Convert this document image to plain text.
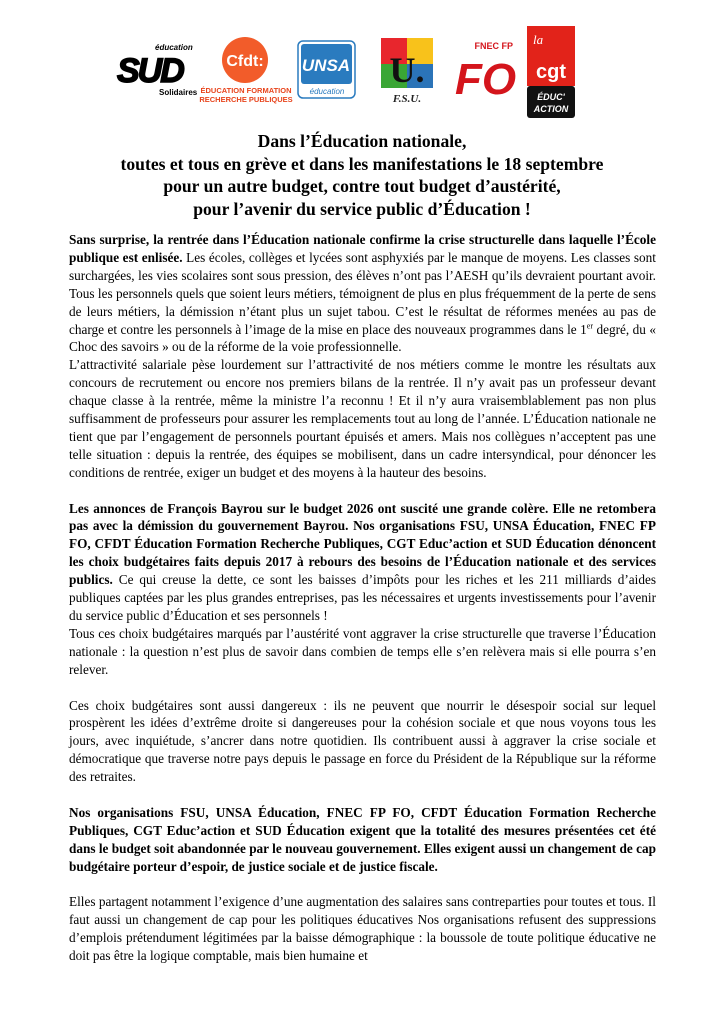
éducation
SUD
Solidaires
Cfdt:
ÉDUCATION FORMATION
RECHERCHE PUBLIQUES
UNSA
éducation
U.
F.S.U.
FNEC FP
FO
la
cgt
ÉDUC'
ACTION
Dans l’Éducation nationale,
toutes et tous en grève et dans les manifestations le 18 septembre
pour un autre budget, contre tout budget d’austérité,
pour l’avenir du service public d’Éducation !

Sans surprise, la rentrée dans l’Éducation nationale confirme la crise structurelle dans laquelle l’École publique est enlisée. Les écoles, collèges et lycées sont asphyxiés par le manque de moyens. Les classes sont surchargées, les vies scolaires sont sous pression, des élèves n’ont pas l’AESH qu’ils devraient pourtant avoir. Tous les personnels quels que soient leurs métiers, témoignent de plus en plus fréquemment de la perte de sens de leurs métiers, la démission n’étant plus un sujet tabou. C’est le résultat de réformes menées au pas de charge et contre les personnels à l’image de la mise en place des nouveaux programmes dans le 1er degré, du « Choc des savoirs » ou de la réforme de la voie professionnelle.

L’attractivité salariale pèse lourdement sur l’attractivité de nos métiers comme le montre les résultats aux concours de recrutement ou encore nos premiers bilans de la rentrée. Il n’y avait pas un professeur devant chaque classe à la rentrée, même la ministre l’a reconnu ! Et il n’y aura vraisemblablement pas non plus suffisamment de professeurs pour assurer les remplacements tout au long de l’année. L’Éducation nationale ne tient que par l’engagement de personnels pourtant épuisés et amers. Mais nos collègues n’acceptent pas une telle situation : depuis la rentrée, des équipes se mobilisent, dans un cadre intersyndical, pour dénoncer les conditions de rentrée, exiger un budget et des moyens à la hauteur des besoins.

Les annonces de François Bayrou sur le budget 2026 ont suscité une grande colère. Elle ne retombera pas avec la démission du gouvernement Bayrou. Nos organisations FSU, UNSA Éducation, FNEC FP FO, CFDT Éducation Formation Recherche Publiques, CGT Educ’action et SUD Éducation dénoncent les choix budgétaires faits depuis 2017 à rebours des besoins de l’Éducation nationale et des services publics. Ce qui creuse la dette, ce sont les baisses d’impôts pour les riches et les 211 milliards d’aides publiques captées par les plus grandes entreprises, pas les nécessaires et urgents investissements pour l’avenir du service public d’Éducation et ses personnels !

Tous ces choix budgétaires marqués par l’austérité vont aggraver la crise structurelle que traverse l’Éducation nationale : la question n’est plus de savoir dans combien de temps elle s’en relèvera mais si elle pourra s’en relever.

Ces choix budgétaires sont aussi dangereux : ils ne peuvent que nourrir le désespoir social sur lequel prospèrent les idées d’extrême droite si dangereuses pour la cohésion sociale et que nous voyons tous les jours, avec inquiétude, s’ancrer dans notre quotidien. Ils contribuent aussi à aggraver la crise sociale et démocratique que traverse notre pays depuis le passage en force du Président de la République sur la réforme des retraites.

Nos organisations FSU, UNSA Éducation, FNEC FP FO, CFDT Éducation Formation Recherche Publiques, CGT Educ’action et SUD Éducation exigent que la totalité des mesures présentées cet été dans le budget soit abandonnée par le nouveau gouvernement. Elles exigent aussi un changement de cap budgétaire porteur d’espoir, de justice sociale et de justice fiscale.

Elles partagent notamment l’exigence d’une augmentation des salaires sans contreparties pour toutes et tous. Il faut aussi un changement de cap pour les politiques éducatives Nos organisations refusent des suppressions d’emplois prétendument légitimées par la baisse démographique : la boussole de toute politique éducative ne doit pas être la logique comptable, mais bien humaine et
